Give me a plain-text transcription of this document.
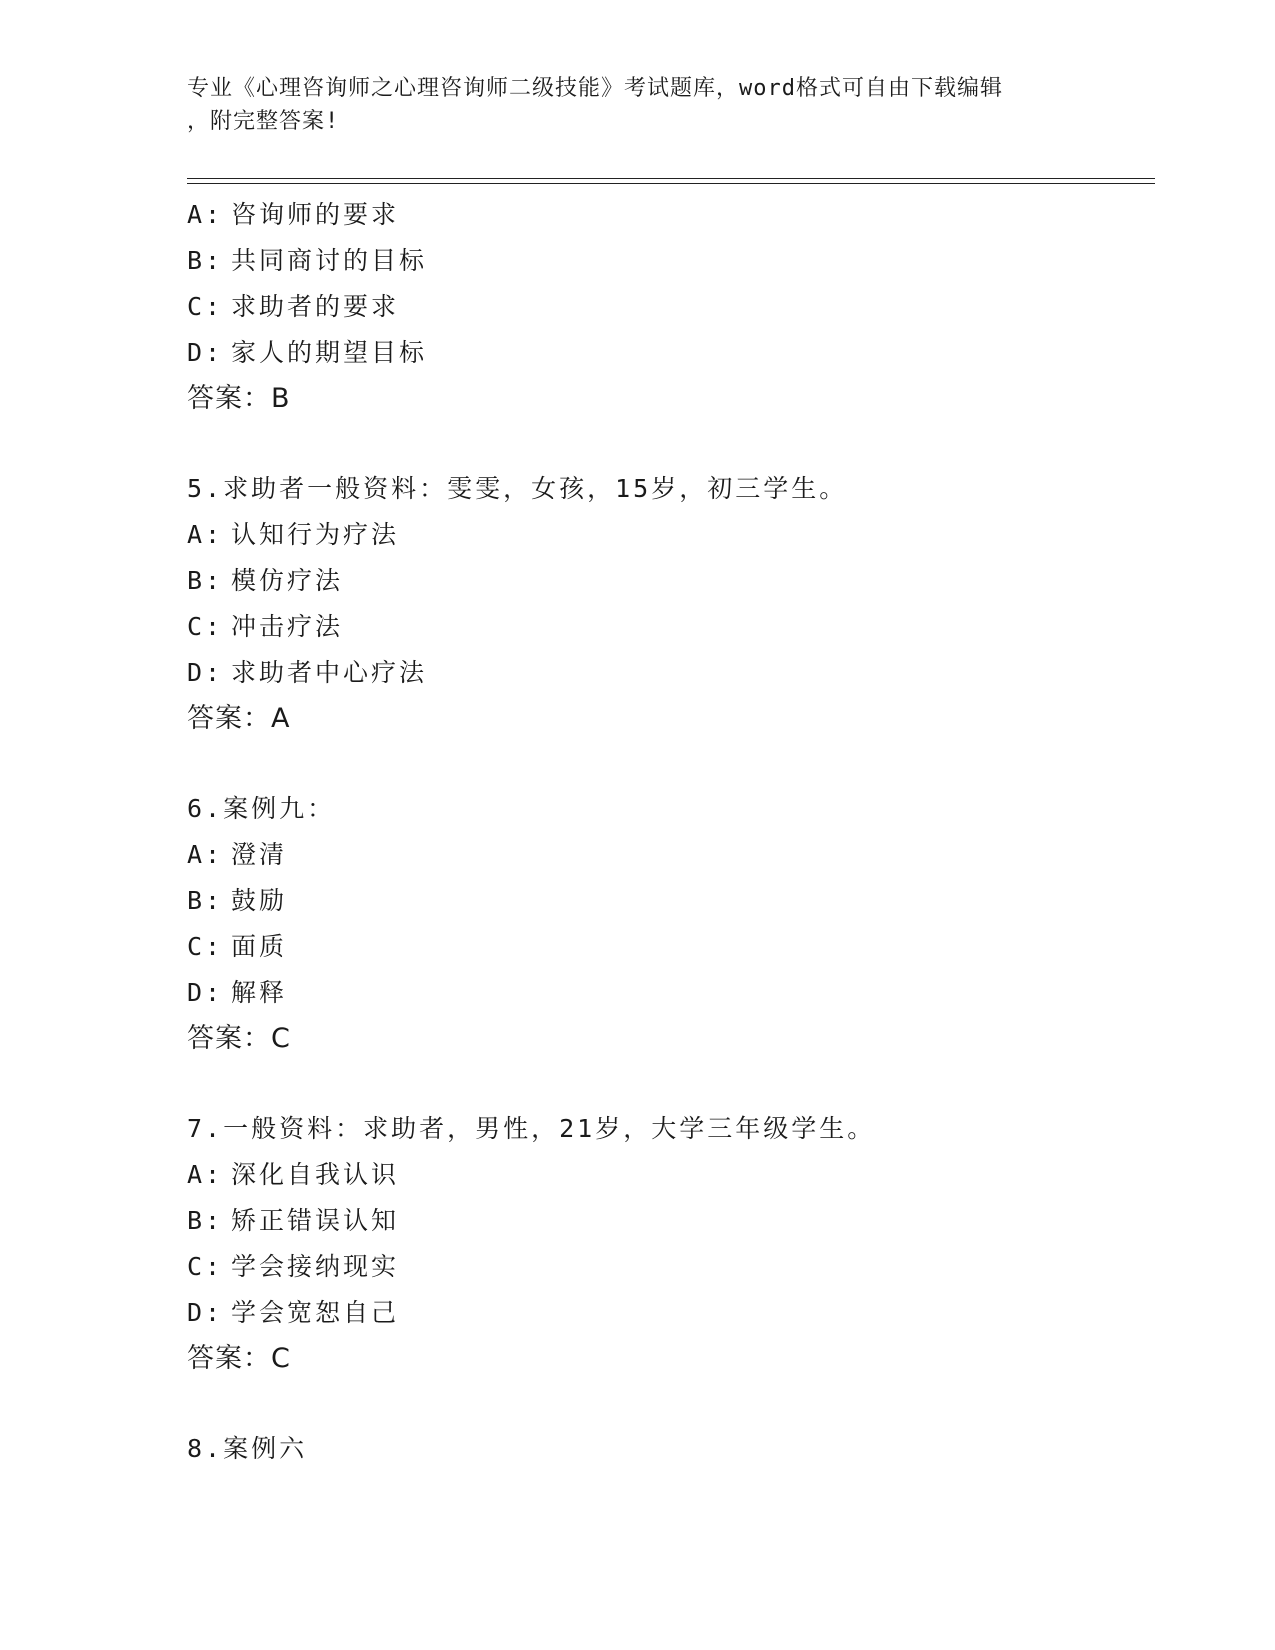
专业《心理咨询师之心理咨询师二级技能》考试题库，word格式可自由下载编辑
，附完整答案!
A: 咨询师的要求
B: 共同商讨的目标
C: 求助者的要求
D: 家人的期望目标
答案：B
5.求助者一般资料：雯雯，女孩，15岁，初三学生。
A: 认知行为疗法
B: 模仿疗法
C: 冲击疗法
D: 求助者中心疗法
答案：A
6.案例九：
A: 澄清
B: 鼓励
C: 面质
D: 解释
答案：C
7.一般资料：求助者，男性，21岁，大学三年级学生。
A: 深化自我认识
B: 矫正错误认知
C: 学会接纳现实
D: 学会宽恕自己
答案：C
8.案例六
